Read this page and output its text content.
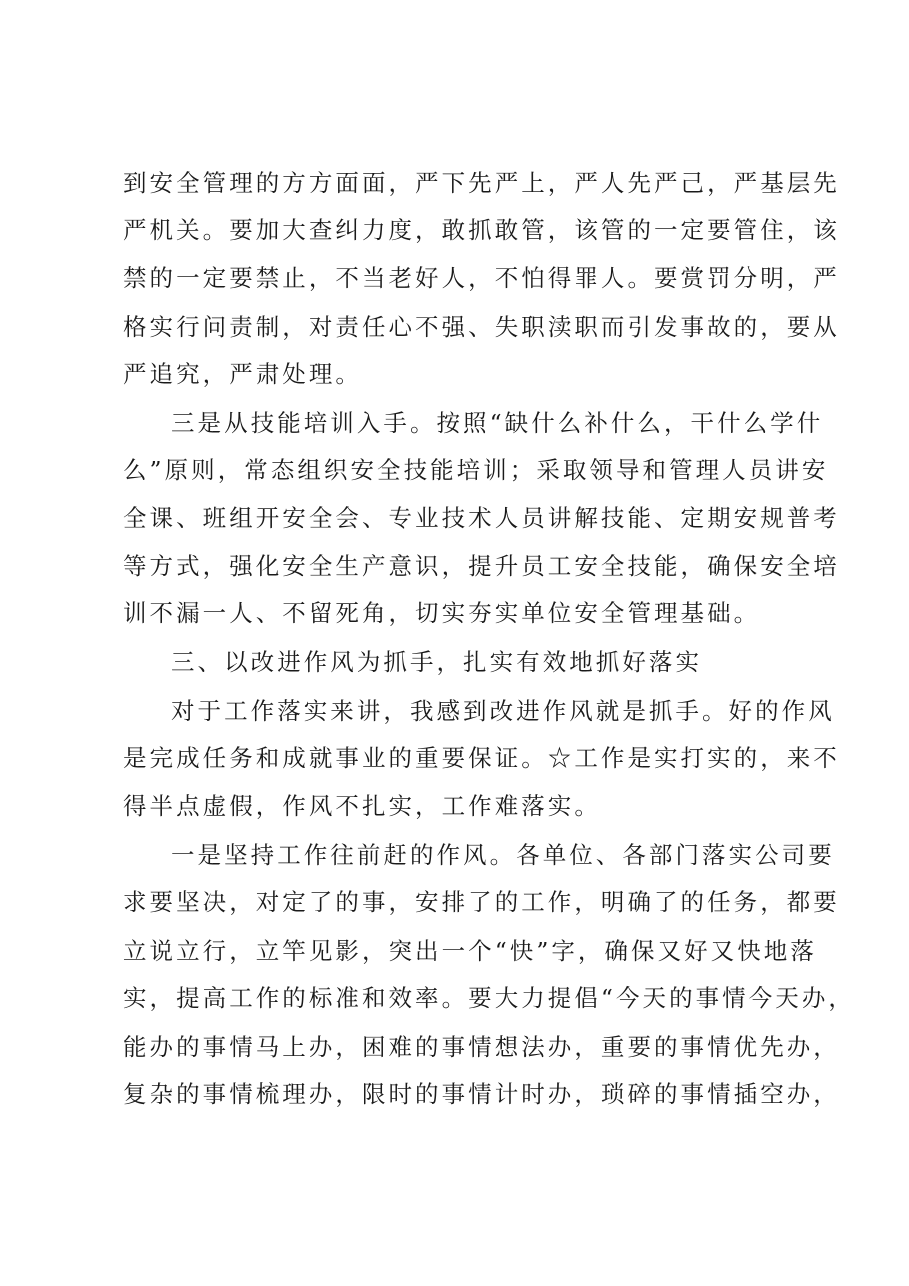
到安全管理的方方面面，严下先严上，严人先严己，严基层先
严机关。要加大查纠力度，敢抓敢管，该管的一定要管住，该
禁的一定要禁止，不当老好人，不怕得罪人。要赏罚分明，严
格实行问责制，对责任心不强、失职渎职而引发事故的，要从
严追究，严肃处理。
三是从技能培训入手。按照“缺什么补什么，干什么学什
么”原则，常态组织安全技能培训；采取领导和管理人员讲安
全课、班组开安全会、专业技术人员讲解技能、定期安规普考
等方式，强化安全生产意识，提升员工安全技能，确保安全培
训不漏一人、不留死角，切实夯实单位安全管理基础。
三、以改进作风为抓手，扎实有效地抓好落实
对于工作落实来讲，我感到改进作风就是抓手。好的作风
是完成任务和成就事业的重要保证。☆工作是实打实的，来不
得半点虚假，作风不扎实，工作难落实。
一是坚持工作往前赶的作风。各单位、各部门落实公司要
求要坚决，对定了的事，安排了的工作，明确了的任务，都要
立说立行，立竿见影，突出一个“快”字，确保又好又快地落
实，提高工作的标准和效率。要大力提倡“今天的事情今天办，
能办的事情马上办，困难的事情想法办，重要的事情优先办，
复杂的事情梳理办，限时的事情计时办，琐碎的事情插空办，
